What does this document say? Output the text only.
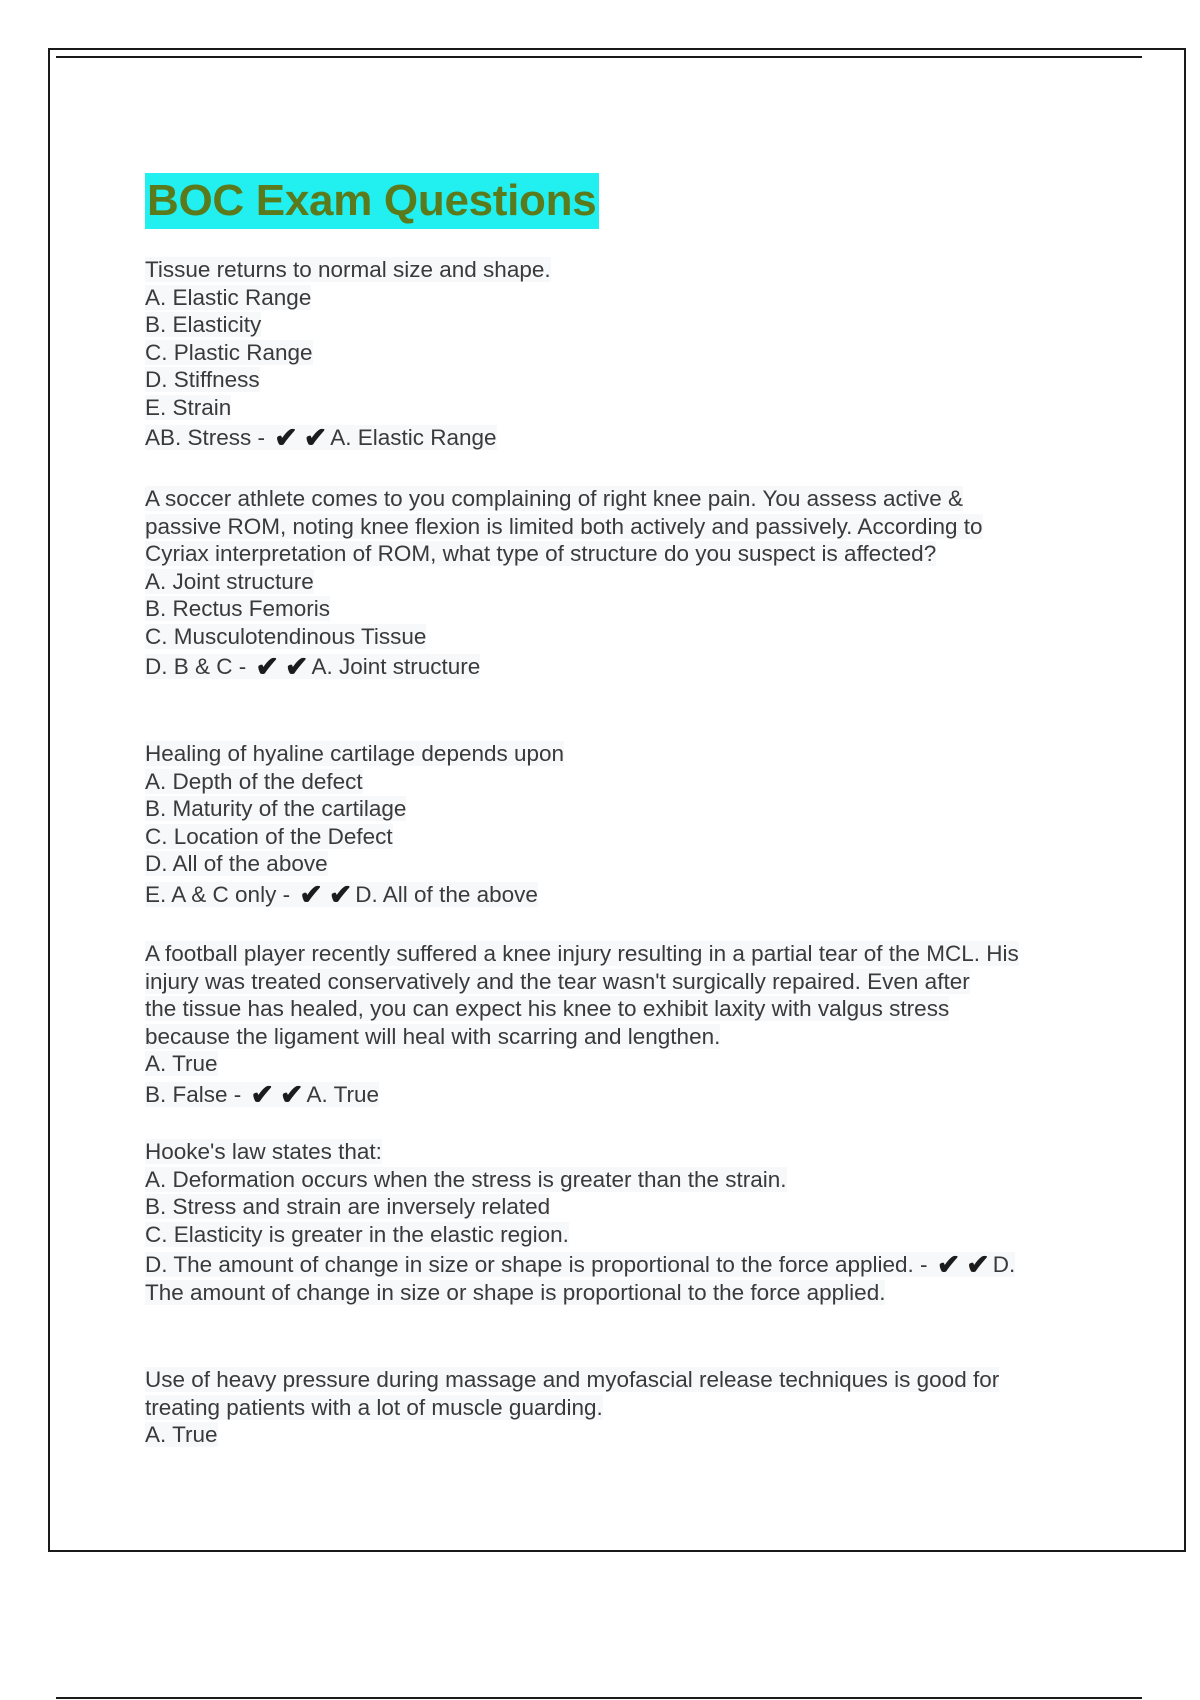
BOC Exam Questions
Tissue returns to normal size and shape.
A. Elastic Range
B. Elasticity
C. Plastic Range
D. Stiffness
E. Strain
AB. Stress - ✔ ✔ A. Elastic Range
A soccer athlete comes to you complaining of right knee pain. You assess active &
passive ROM, noting knee flexion is limited both actively and passively. According to
Cyriax interpretation of ROM, what type of structure do you suspect is affected?
A. Joint structure
B. Rectus Femoris
C. Musculotendinous Tissue
D. B & C - ✔ ✔ A. Joint structure
Healing of hyaline cartilage depends upon
A. Depth of the defect
B. Maturity of the cartilage
C. Location of the Defect
D. All of the above
E. A & C only - ✔ ✔ D. All of the above
A football player recently suffered a knee injury resulting in a partial tear of the MCL. His
injury was treated conservatively and the tear wasn't surgically repaired. Even after
the tissue has healed, you can expect his knee to exhibit laxity with valgus stress
because the ligament will heal with scarring and lengthen.
A. True
B. False - ✔ ✔ A. True
Hooke's law states that:
A. Deformation occurs when the stress is greater than the strain.
B. Stress and strain are inversely related
C. Elasticity is greater in the elastic region.
D. The amount of change in size or shape is proportional to the force applied. - ✔ ✔ D.
The amount of change in size or shape is proportional to the force applied.
Use of heavy pressure during massage and myofascial release techniques is good for
treating patients with a lot of muscle guarding.
A. True
